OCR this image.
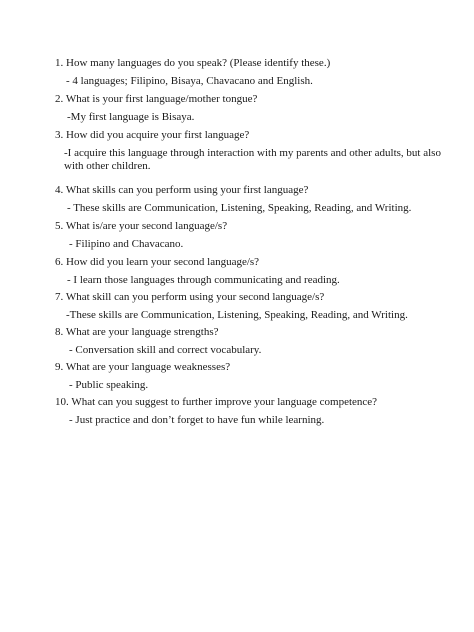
1. How many languages do you speak? (Please identify these.)
- 4 languages; Filipino, Bisaya, Chavacano and English.
2. What is your first language/mother tongue?
-My first language is Bisaya.
3. How did you acquire your first language?
-I acquire this language through interaction with my parents and other adults, but also with other children.
4. What skills can you perform using your first language?
- These skills are Communication, Listening, Speaking, Reading, and Writing.
5. What is/are your second language/s?
- Filipino and Chavacano.
6. How did you learn your second language/s?
- I learn those languages through communicating and reading.
7. What skill can you perform using your second language/s?
-These skills are Communication, Listening, Speaking, Reading, and Writing.
8. What are your language strengths?
- Conversation skill and correct vocabulary.
9. What are your language weaknesses?
- Public speaking.
10. What can you suggest to further improve your language competence?
- Just practice and don’t forget to have fun while learning.
